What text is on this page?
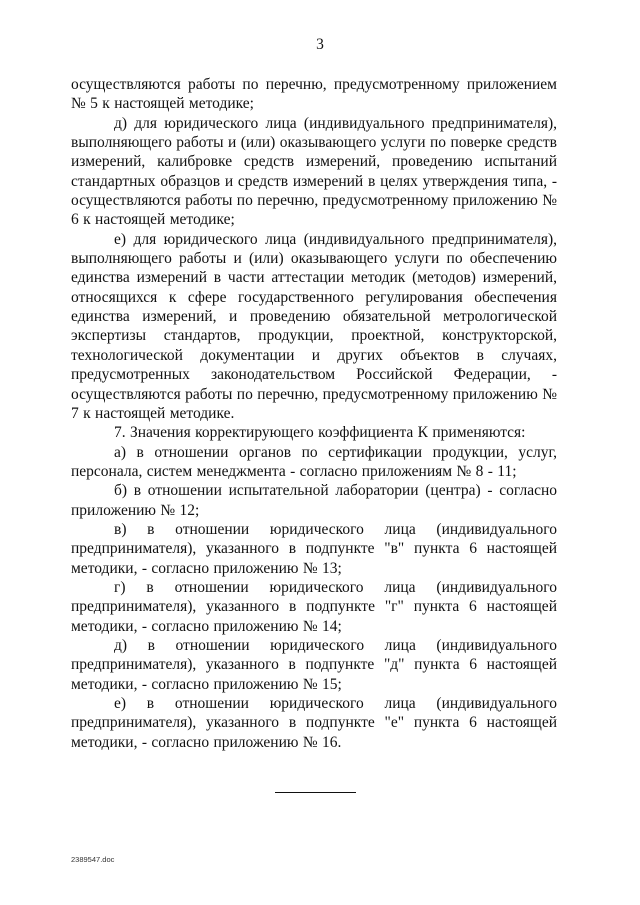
3

осуществляются работы по перечню, предусмотренному приложением № 5 к настоящей методике;

д) для юридического лица (индивидуального предпринимателя), выполняющего работы и (или) оказывающего услуги по поверке средств измерений, калибровке средств измерений, проведению испытаний стандартных образцов и средств измерений в целях утверждения типа, - осуществляются работы по перечню, предусмотренному приложению № 6 к настоящей методике;

е) для юридического лица (индивидуального предпринимателя), выполняющего работы и (или) оказывающего услуги по обеспечению единства измерений в части аттестации методик (методов) измерений, относящихся к сфере государственного регулирования обеспечения единства измерений, и проведению обязательной метрологической экспертизы стандартов, продукции, проектной, конструкторской, технологической документации и других объектов в случаях, предусмотренных законодательством Российской Федерации, - осуществляются работы по перечню, предусмотренному приложению № 7 к настоящей методике.

7. Значения корректирующего коэффициента К применяются:

а) в отношении органов по сертификации продукции, услуг, персонала, систем менеджмента - согласно приложениям № 8 - 11;

б) в отношении испытательной лаборатории (центра) - согласно приложению № 12;

в) в отношении юридического лица (индивидуального предпринимателя), указанного в подпункте "в" пункта 6 настоящей методики, - согласно приложению № 13;

г) в отношении юридического лица (индивидуального предпринимателя), указанного в подпункте "г" пункта 6 настоящей методики, - согласно приложению № 14;

д) в отношении юридического лица (индивидуального предпринимателя), указанного в подпункте "д" пункта 6 настоящей методики, - согласно приложению № 15;

е) в отношении юридического лица (индивидуального предпринимателя), указанного в подпункте "е" пункта 6 настоящей методики, - согласно приложению № 16.

2389547.doc
